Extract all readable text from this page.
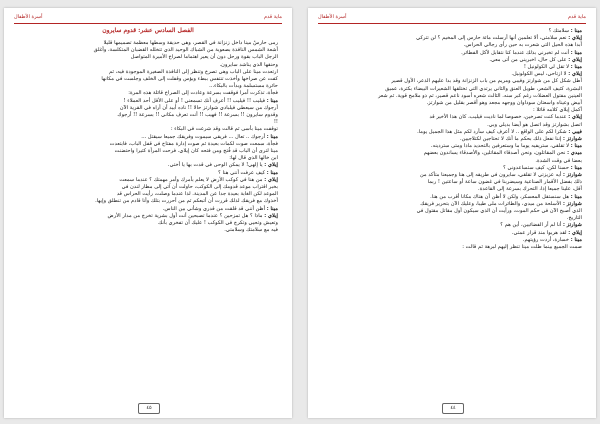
أسرة الأطفال	ماية قدم
الفصل السادس عشر: قدوم سايرون

رمى حارسٌ مينا داخل زنزانة في القصر، وهي حديقة وسطها معظمة تصميمها قليلا

أشعة الشمس النافذة بصعوبة من الشباك الوحيد الذي تتخلله القضبان المتكلسة، وأغلق

الرجل الباب بقوة ورحل دون أن يعير اهتماما لصراخ الأميرة المتواصل

وحنقها الذي يناشد سايرون.

ارتعدت مينا على الباب وهي تصرخ وتنظر إلى النافذة الصغيرة الموجودة فيه، ثم

كفت عن صراخها وأخذت تنتفس ببطء وبؤس وقفلت إلى الخلف وجلست في مكانها

حائرة مستسلمة وبدأت بالبكاء...

فجأة، تذكرت أمرا فوقفت بسرعة وعادت إلى الصراخ قائلة هذه المرة:

مينا : فيليب !! فيليب !! أعرف أنك تسمعني ! أو على الأقل أحد العملاء !

أرجوك من سيعطي فيلبادي شوارتز حالا !! ناده أبيد أن أراه في القرية الآن

وقدوم سايرون !! بسرعة !! فهيب !! أنت تعرف مكاني !! بسرعة !! أرجوك

!!

توقفت مينا بأسى ثم قالت وقد شرعت في البكاء :

مينا : أرجوك .. تعال ... فريقي سيموت وفريقك جميعا سيقتل ...

فجأة، سمعت صوت لكمات بعيدة ثم صوت إدارة مفتاح في قفل الباب، فابتعدت

مينا لترى أن الباب قد فُتح ومن فتحه كان إيلاي. فرحت المرأة كثيرا واحتضنت

ابن خالها الذي قال لها:

إيلاي : يا إلهي! لا يمكن الوحى في قدت بها يا أختي.

مينا : كيف عرفت أنني هنا ؟

إيلاي : من هنا في كوكب الأرض لا يعلم بأمرك وأمر مهمتك ؟ عندما سمعت

بخبر اقتراب موعد قدومك إلى الكوكب، حاولت أن آتي إلى مطار لندن في

الموعد لكن الغابة بعيدة جدا عن المدينة. لذا عندما وصلت، رأيت الحراس قد

أخذوك مع فريقك لذلك قررت أن أتبعكم ثم من أحررت بتلك وأنا قادم من تنطلق وإيها.

مينا : أظن أنني قد قلقت من قدري وشأني بين الناس.

إيلاي : ماذا ؟ هل تمزحين ؟ عندما تصبحين أنت أول بشرية تخرج من مدار الأرض

وتعيش وتحيي وتكرج في الكوكب ! عليك أن تفخري بأنك

فيه مع سلامتك وسلامتي.

٤٥
أسرة الأطفال	ماية قدم

مينا : سلامتك ؟

إيلاي : نعم سلامتي، ألا تعلمين أنها أرسلت مائة حارس إلى المخيم ؟ لن تتركي

أبدا هذه الحيل التي شعرت به حين رأى رجالي الحراس.

مينا : أنت لم تخبرني بذلك عندما كنا نتقابل لأكل الفطائر.

إيلاي : على كل حال، اخبريني من أتى معي.

مينا : لا تقل لي الكولونيل !

إيلاي : لا ازتاحي، ليس الكولونيل.

أطل شكل كل من شوارتز وفيبي ومريم من باب الزنزانة وقد بدا عليهم الذعر، الأول قصير

البشرة، كثيف الشعر، طويل العنق والثاني يرتدي التي تختلقها الشعيرات البيضاء بكثرة، عميق

العينين مفتول العضلات رغم كبر سنه. الثالث شعره أسود ناعم قصير، ثم ذو ملامح قوية. ثم شعر

أبيض وعيناه واسعتان سوداوان ووجهه مجعد وهو أقصر بقليل من شوارتز.

أكمل إيلاي كلامه قائلا :

إيلاي : عندما كنت تصرخين، خصوصا لما ناديت فيليب، كان هذا الأخير قد

اتصل بشوارتز وقد اتصل هو أيضا بديلي وبي.

فيبي : شكرا لكم على الواقع .. لا أعرف كيف سأرد لكم مثل هذا الجميل يوما.

شوارتز : إننا نفعل ذلك بحكم ما أنك لا تحتاجين لكتلاجيين.

مينا : لا تقلقي، ستريفيه يوما ما وستعرفين بالتحديد ماذا ومتى ستردينه.

ميدي : نحن المقاتلون، ونحن أصدقاء المقاتلين، والأصدقاء يساندون بعضهم

بعضا في وقت الشدة.

مينا : حسنا لكن، كيف ستساعدوني ؟

شوارتز : أيه عزيزتي لا تقلقي، سايرون في طريقه إلى هنا وجميعنا متأكد من

ذلك بفضل الأقمار الصناعية وسيضربنا في غضون ساعة أو ساعتين ! ربما

أقل، علينا جميعا إذا، التحرك بسرعة إلى القاعدة.

مينا : هل سنستقل المعسكر، ولكن لا أظن أن هناك مكانا أقرب من هنا.

شوارتز : الأسلحة من ميدي، والطائرات ملى طيبا، وعليك الآن بتحرير فريقك

الذي أصبح الآن في حكم الموت، ورأيت أن الذي سيكون أول مقاتل مقتول في

التاريخ.

شوارتز : أنا لم أر الفضائيين، أين هم ؟

إيلاي : لقد هربوا منذ قرار عمتي.

مينا : خسارة، أردت رؤيتهم.

صمت الجميع بينما طلت مينا تنظر إليهم لبرهة ثم قالت :

٤٤
